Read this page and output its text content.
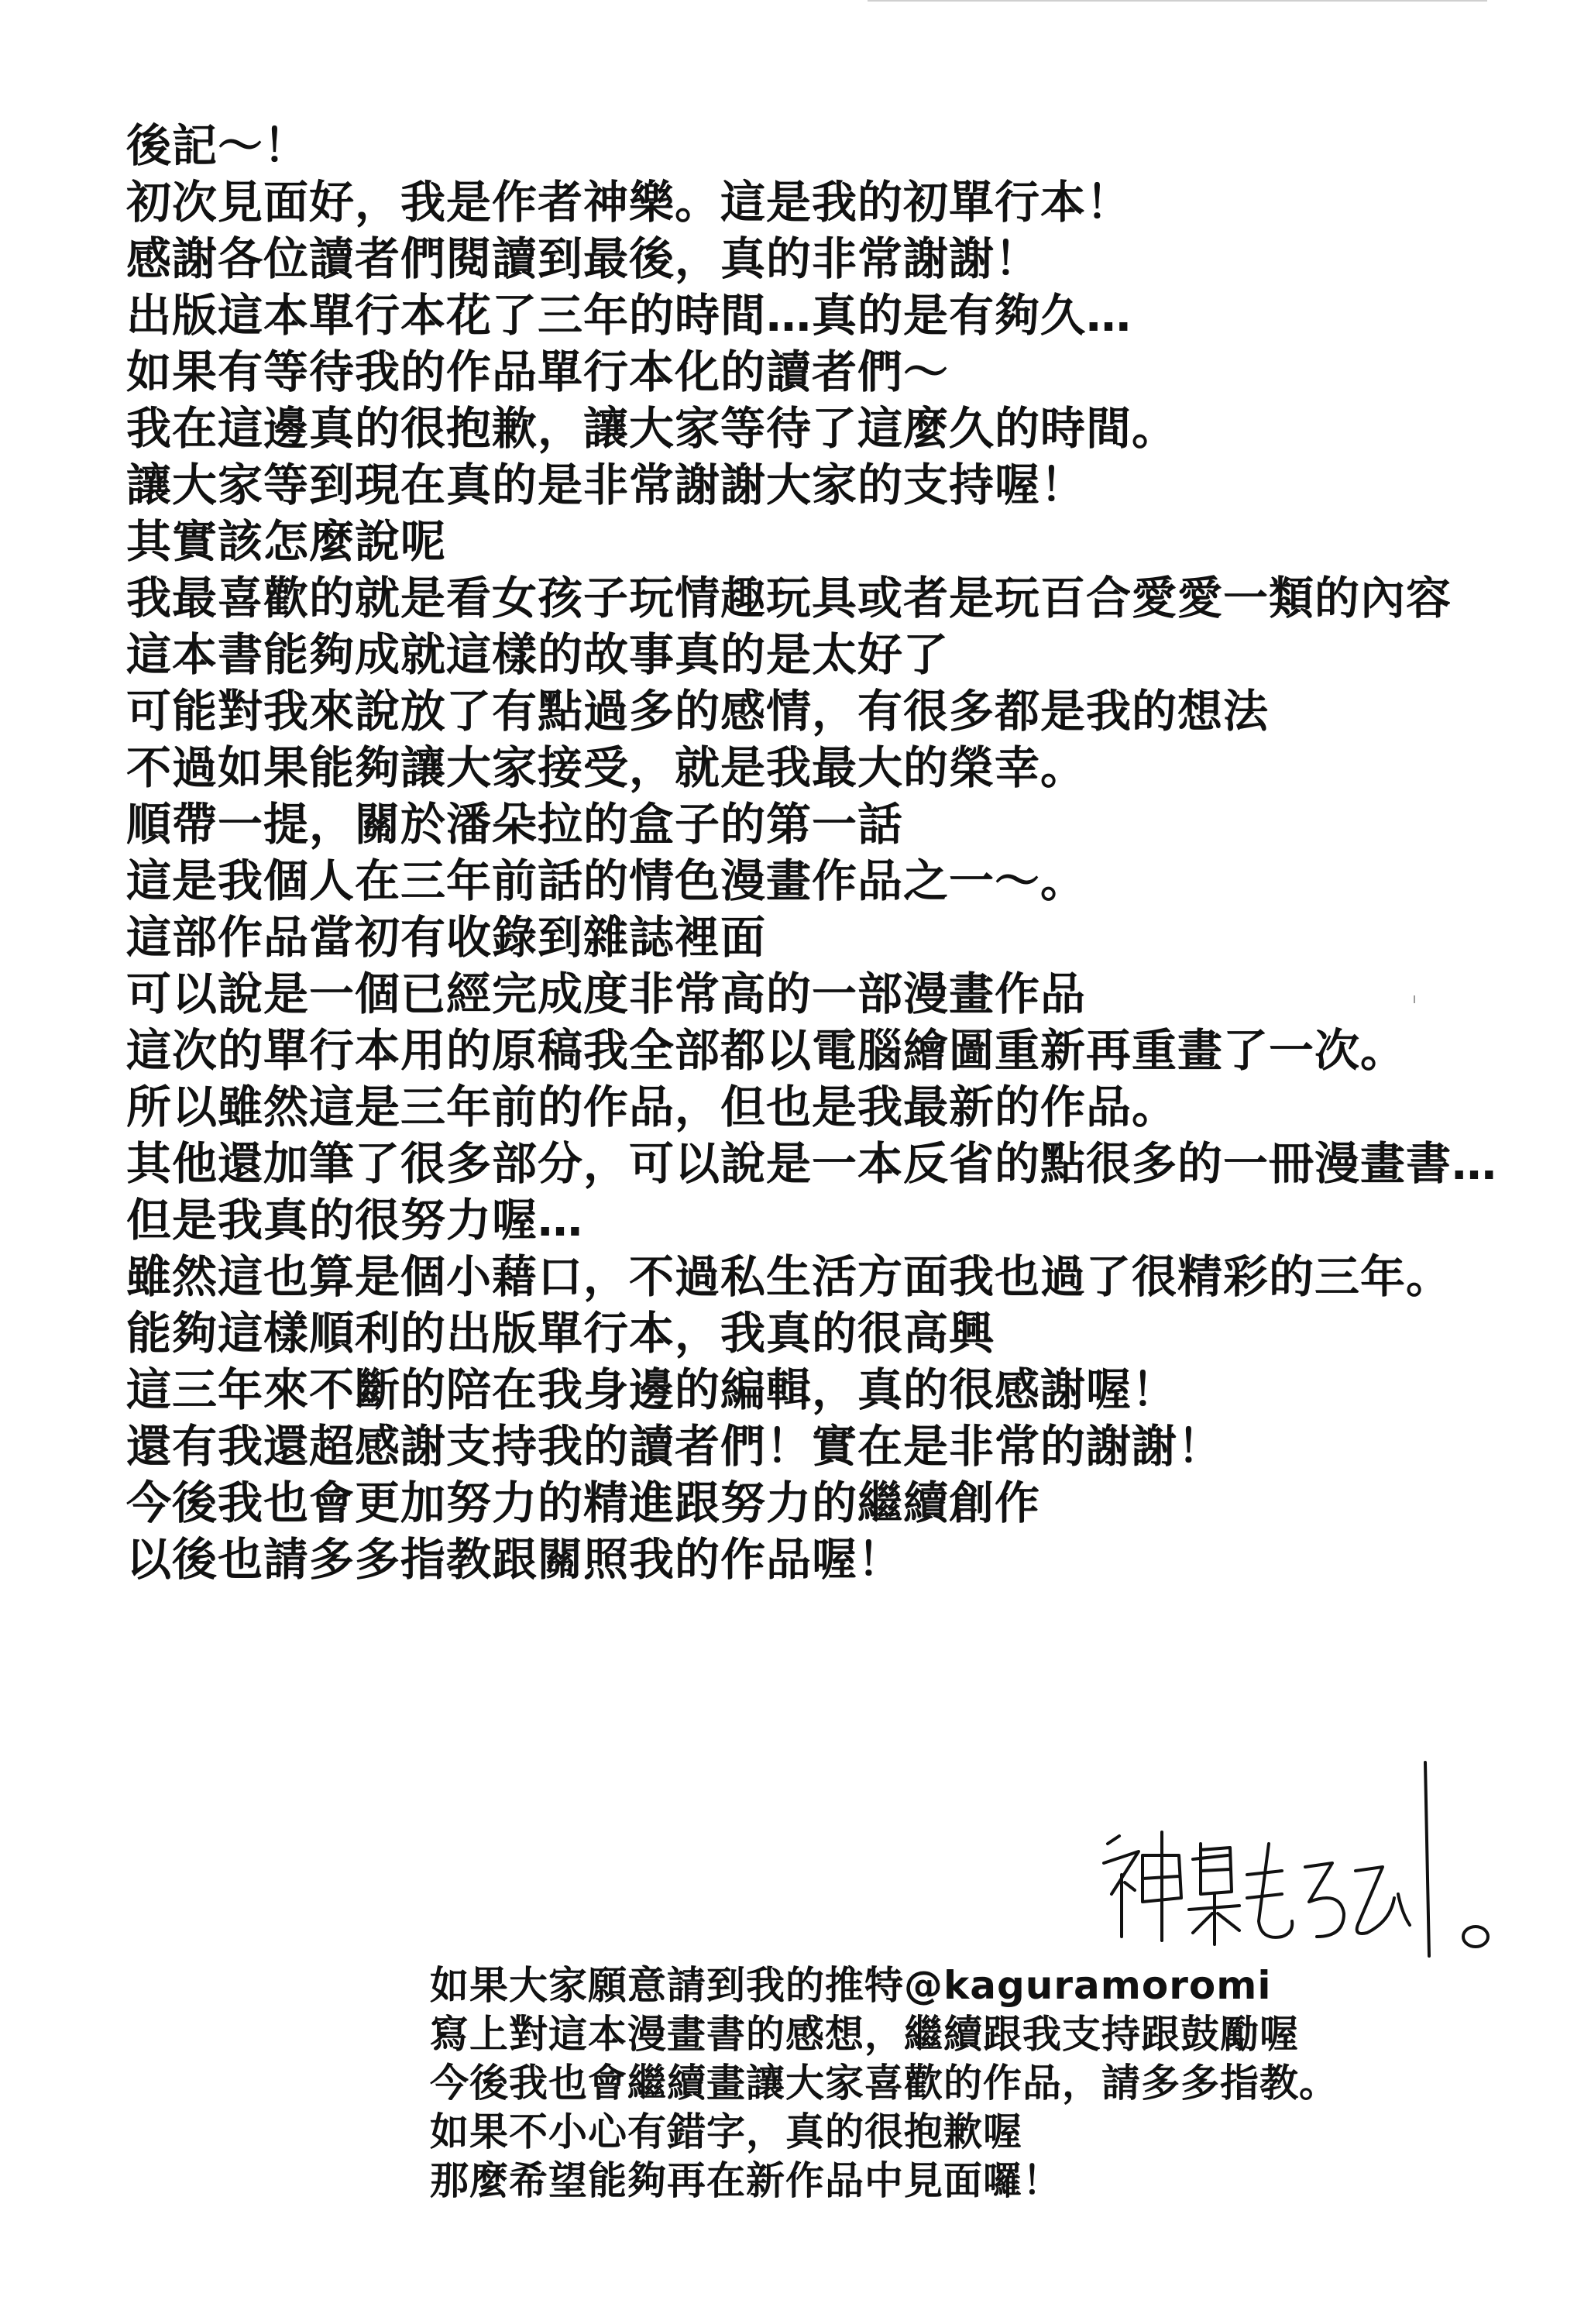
後記～！
初次見面好，我是作者神樂。這是我的初單行本！
感謝各位讀者們閱讀到最後，真的非常謝謝！
出版這本單行本花了三年的時間…真的是有夠久…
如果有等待我的作品單行本化的讀者們～
我在這邊真的很抱歉，讓大家等待了這麼久的時間。
讓大家等到現在真的是非常謝謝大家的支持喔！
其實該怎麼說呢
我最喜歡的就是看女孩子玩情趣玩具或者是玩百合愛愛一類的內容
這本書能夠成就這樣的故事真的是太好了
可能對我來說放了有點過多的感情，有很多都是我的想法
不過如果能夠讓大家接受，就是我最大的榮幸。
順帶一提，關於潘朵拉的盒子的第一話
這是我個人在三年前話的情色漫畫作品之一～。
這部作品當初有收錄到雜誌裡面
可以說是一個已經完成度非常高的一部漫畫作品
這次的單行本用的原稿我全部都以電腦繪圖重新再重畫了一次。
所以雖然這是三年前的作品，但也是我最新的作品。
其他還加筆了很多部分，可以說是一本反省的點很多的一冊漫畫書…
但是我真的很努力喔…
雖然這也算是個小藉口，不過私生活方面我也過了很精彩的三年。
能夠這樣順利的出版單行本，我真的很高興
這三年來不斷的陪在我身邊的編輯，真的很感謝喔！
還有我還超感謝支持我的讀者們！實在是非常的謝謝！
今後我也會更加努力的精進跟努力的繼續創作
以後也請多多指教跟關照我的作品喔！
如果大家願意請到我的推特@kaguramoromi
寫上對這本漫畫書的感想，繼續跟我支持跟鼓勵喔
今後我也會繼續畫讓大家喜歡的作品，請多多指教。
如果不小心有錯字，真的很抱歉喔
那麼希望能夠再在新作品中見面囉！
